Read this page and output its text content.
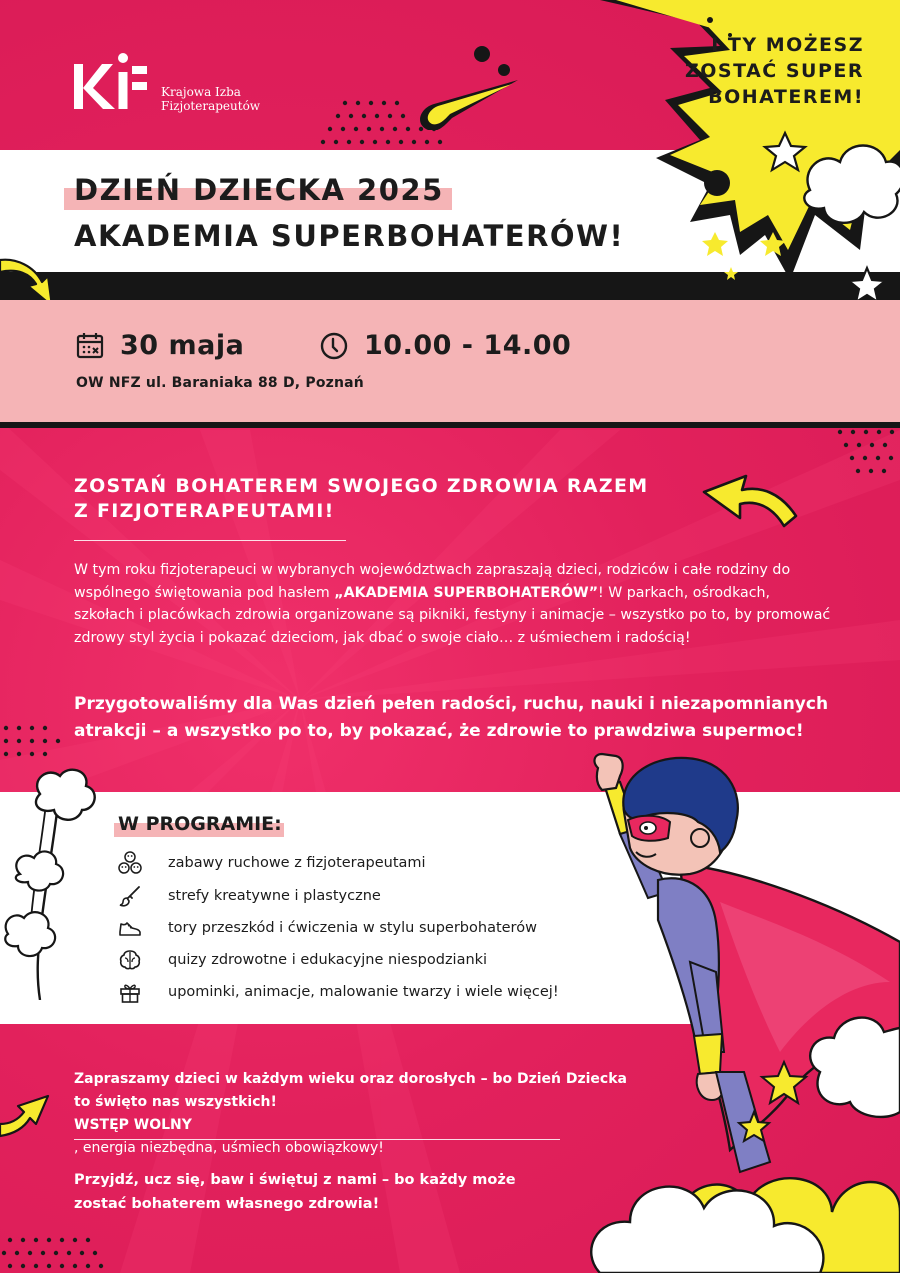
DZIEŃ DZIECKA 2025
AKADEMIA SUPERBOHATERÓW!
I TY MOŻESZ
ZOSTAĆ SUPER
BOHATEREM!
Krajowa Izba
Fizjoterapeutów
30 maja	10.00 - 14.00
OW NFZ ul. Baraniaka 88 D, Poznań
ZOSTAŃ BOHATEREM SWOJEGO ZDROWIA RAZEM
Z FIZJOTERAPEUTAMI!
W tym roku fizjoterapeuci w wybranych województwach zapraszają dzieci, rodziców i całe rodziny do wspólnego świętowania pod hasłem „AKADEMIA SUPERBOHATERÓW”! W parkach, ośrodkach, szkołach i placówkach zdrowia organizowane są pikniki, festyny i animacje – wszystko po to, by promować zdrowy styl życia i pokazać dzieciom, jak dbać o swoje ciało… z uśmiechem i radością!
Przygotowaliśmy dla Was dzień pełen radości, ruchu, nauki i niezapomnianych atrakcji – a wszystko po to, by pokazać, że zdrowie to prawdziwa supermoc!
W PROGRAMIE:
zabawy ruchowe z fizjoterapeutami
strefy kreatywne i plastyczne
tory przeszkód i ćwiczenia w stylu superbohaterów
quizy zdrowotne i edukacyjne niespodzianki
upominki, animacje, malowanie twarzy i wiele więcej!
Zapraszamy dzieci w każdym wieku oraz dorosłych – bo Dzień Dziecka
to święto nas wszystkich!
WSTĘP WOLNY
, energia niezbędna, uśmiech obowiązkowy!
Przyjdź, ucz się, baw i świętuj z nami – bo każdy może
zostać bohaterem własnego zdrowia!
